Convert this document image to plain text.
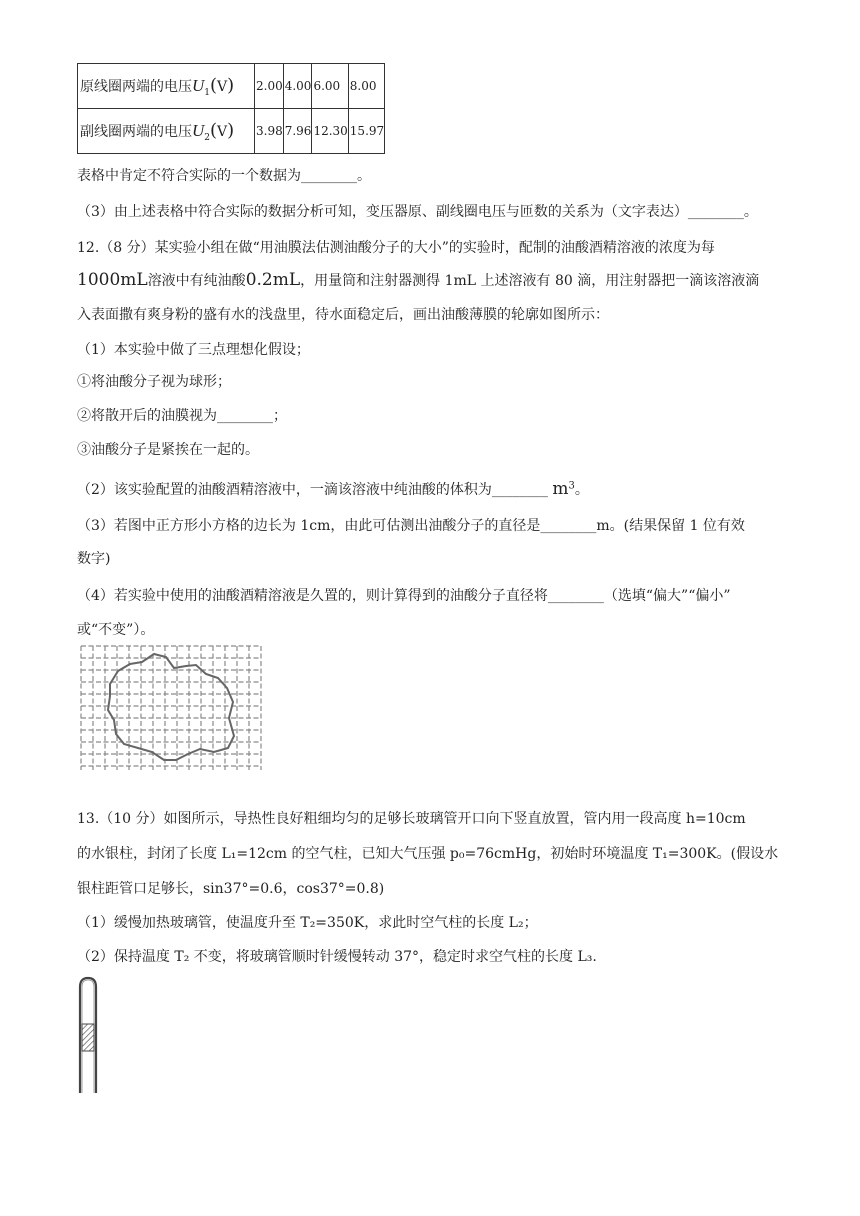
原线圈两端的电压$U_1(V)$	2.00	4.00	6.00	8.00
副线圈两端的电压$U_2(V)$	3.98	7.96	12.30	15.97
表格中肯定不符合实际的一个数据为________。
（3）由上述表格中符合实际的数据分析可知，变压器原、副线圈电压与匝数的关系为（文字表达）________。
12.（8 分）某实验小组在做“用油膜法估测油酸分子的大小”的实验时，配制的油酸酒精溶液的浓度为每
1000mL溶液中有纯油酸0.2mL，用量筒和注射器测得 1mL 上述溶液有 80 滴，用注射器把一滴该溶液滴
入表面撒有爽身粉的盛有水的浅盘里，待水面稳定后，画出油酸薄膜的轮廓如图所示：
（1）本实验中做了三点理想化假设；
①将油酸分子视为球形；
②将散开后的油膜视为________；
③油酸分子是紧挨在一起的。
（2）该实验配置的油酸酒精溶液中，一滴该溶液中纯油酸的体积为________ $m^3$。
（3）若图中正方形小方格的边长为 1cm，由此可估测出油酸分子的直径是________m。(结果保留 1 位有效
数字)
（4）若实验中使用的油酸酒精溶液是久置的，则计算得到的油酸分子直径将________（选填“偏大”“偏小”
或“不变”）。
13.（10 分）如图所示，导热性良好粗细均匀的足够长玻璃管开口向下竖直放置，管内用一段高度 h=10cm
的水银柱，封闭了长度 L₁=12cm 的空气柱，已知大气压强 p₀=76cmHg，初始时环境温度 T₁=300K。(假设水
银柱距管口足够长，sin37°=0.6，cos37°=0.8)
（1）缓慢加热玻璃管，使温度升至 T₂=350K，求此时空气柱的长度 L₂；
（2）保持温度 T₂ 不变，将玻璃管顺时针缓慢转动 37°，稳定时求空气柱的长度 L₃.
